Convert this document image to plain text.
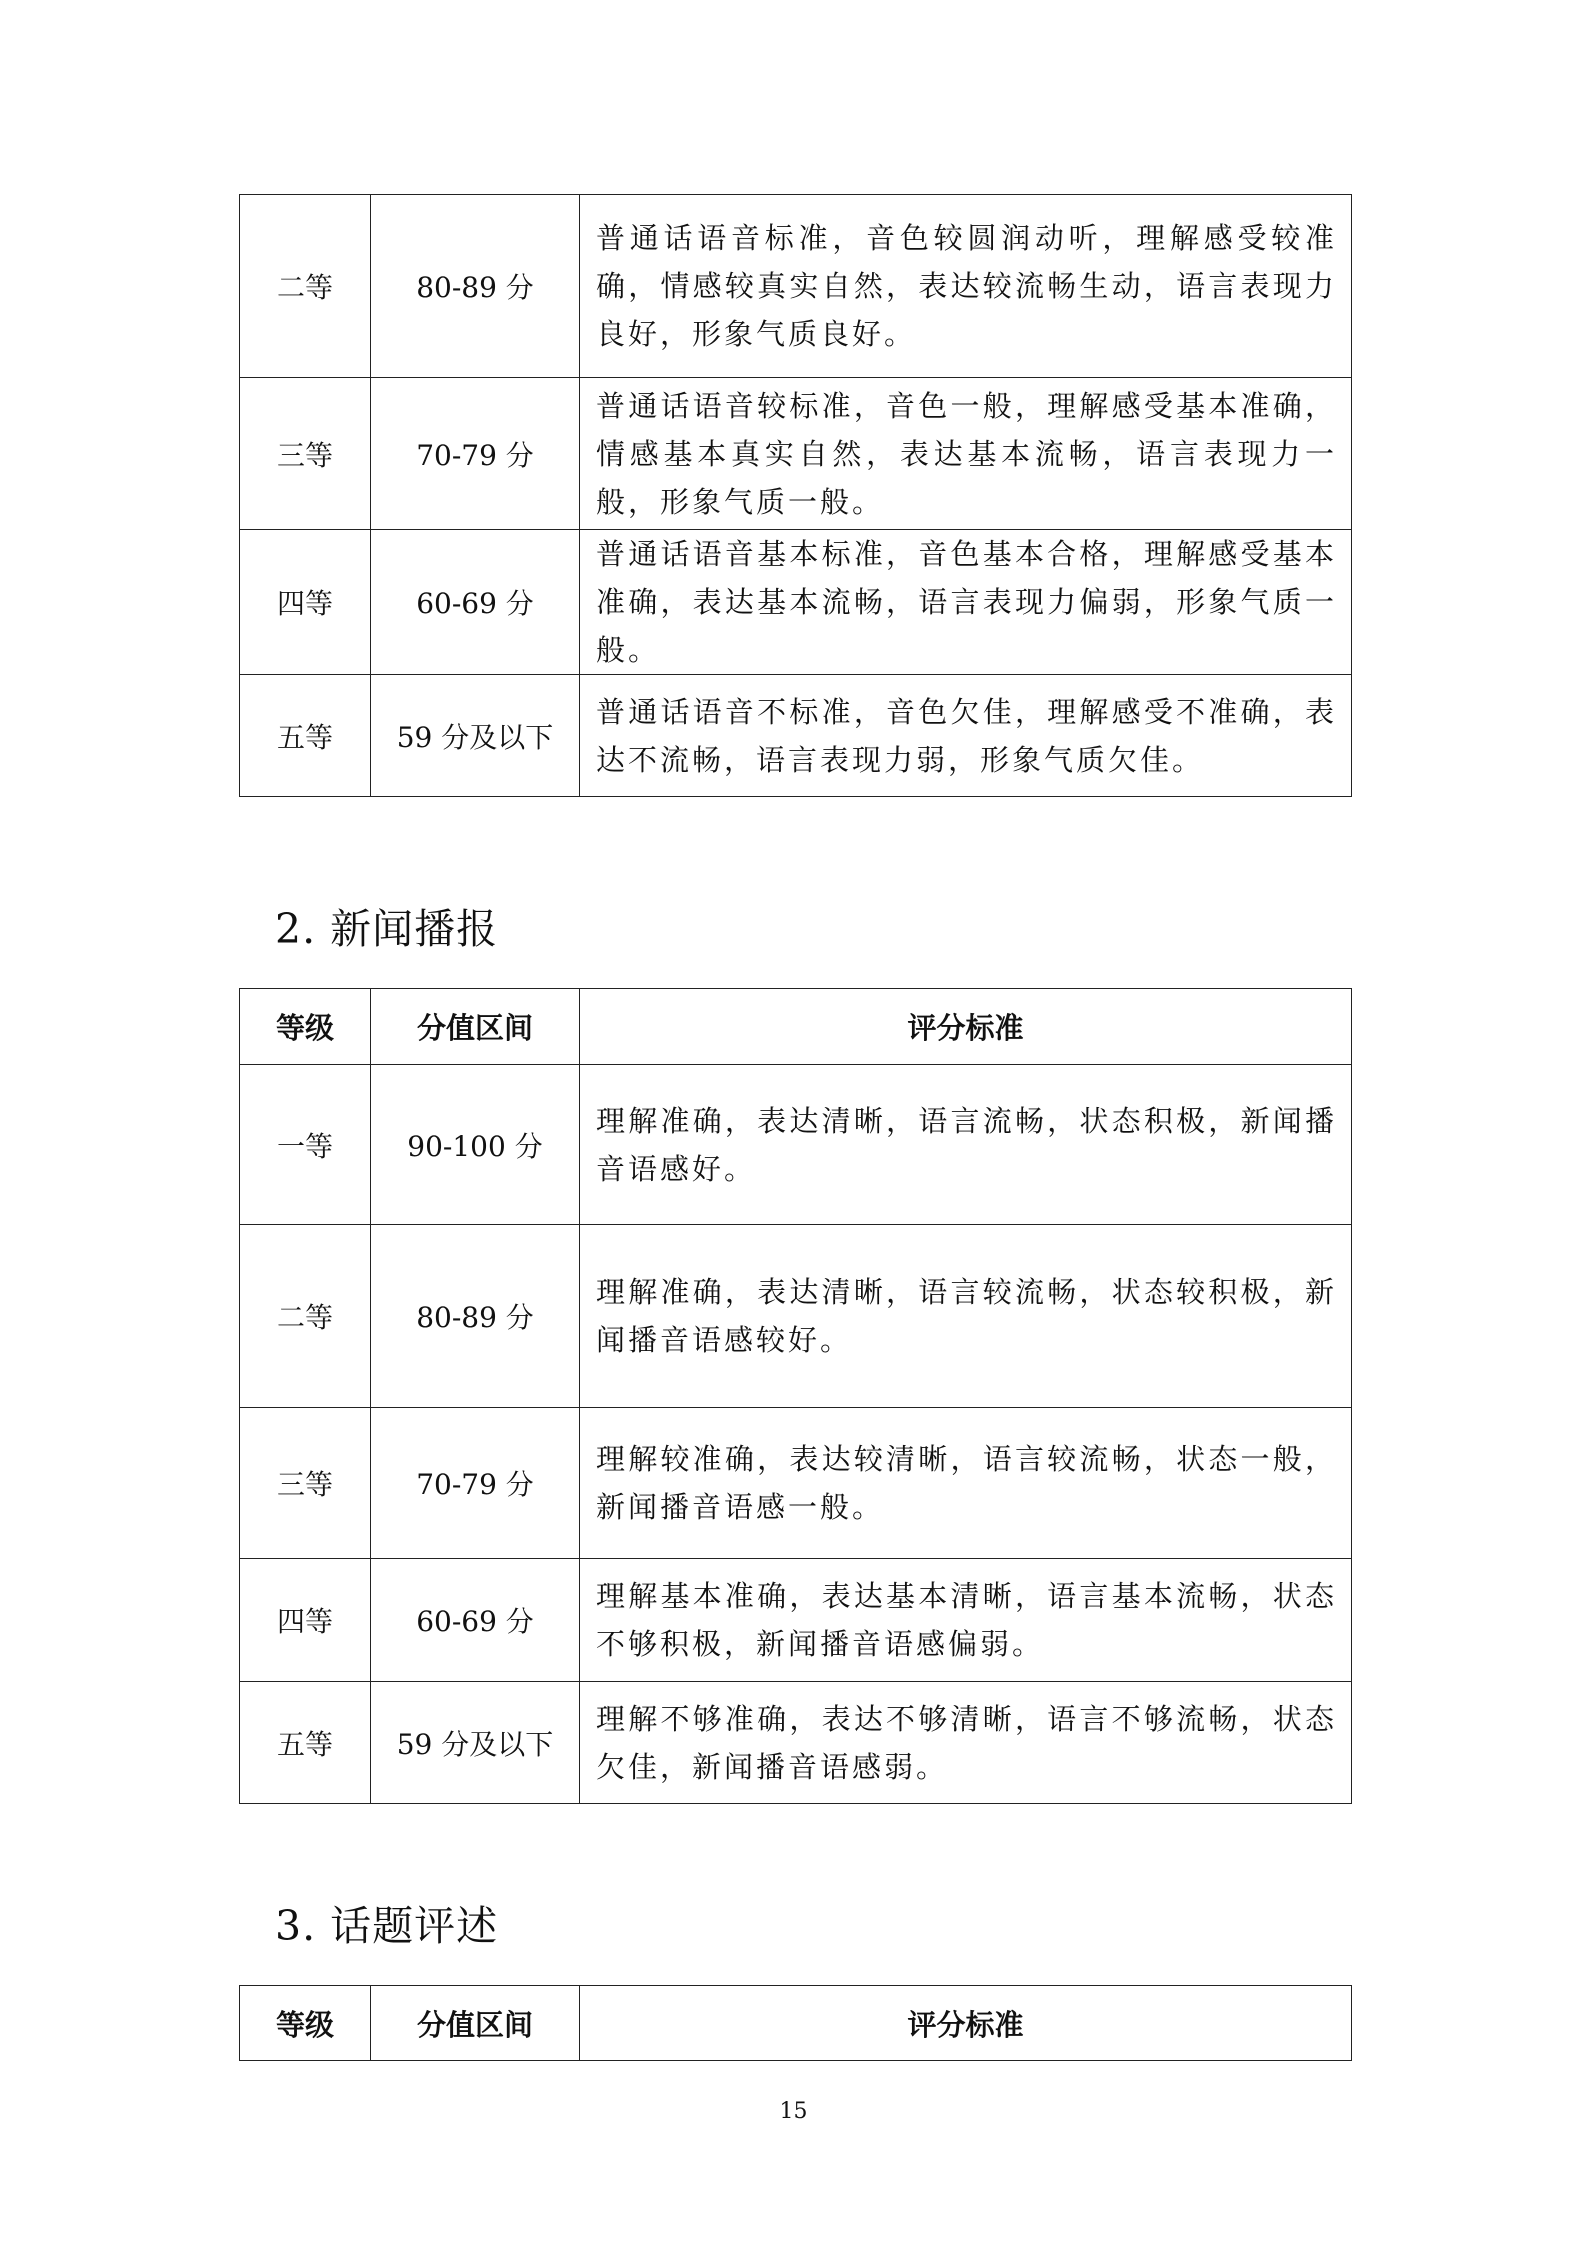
二等	80-89 分	普通话语音标准，音色较圆润动听，理解感受较准确，情感较真实自然，表达较流畅生动，语言表现力良好，形象气质良好。
三等	70-79 分	普通话语音较标准，音色一般，理解感受基本准确，情感基本真实自然，表达基本流畅，语言表现力一般，形象气质一般。
四等	60-69 分	普通话语音基本标准，音色基本合格，理解感受基本准确，表达基本流畅，语言表现力偏弱，形象气质一般。
五等	59 分及以下	普通话语音不标准，音色欠佳，理解感受不准确，表达不流畅，语言表现力弱，形象气质欠佳。
2. 新闻播报
等级	分值区间	评分标准
一等	90-100 分	理解准确，表达清晰，语言流畅，状态积极，新闻播音语感好。
二等	80-89 分	理解准确，表达清晰，语言较流畅，状态较积极，新闻播音语感较好。
三等	70-79 分	理解较准确，表达较清晰，语言较流畅，状态一般，新闻播音语感一般。
四等	60-69 分	理解基本准确，表达基本清晰，语言基本流畅，状态不够积极，新闻播音语感偏弱。
五等	59 分及以下	理解不够准确，表达不够清晰，语言不够流畅，状态欠佳，新闻播音语感弱。
3. 话题评述
等级	分值区间	评分标准
15
